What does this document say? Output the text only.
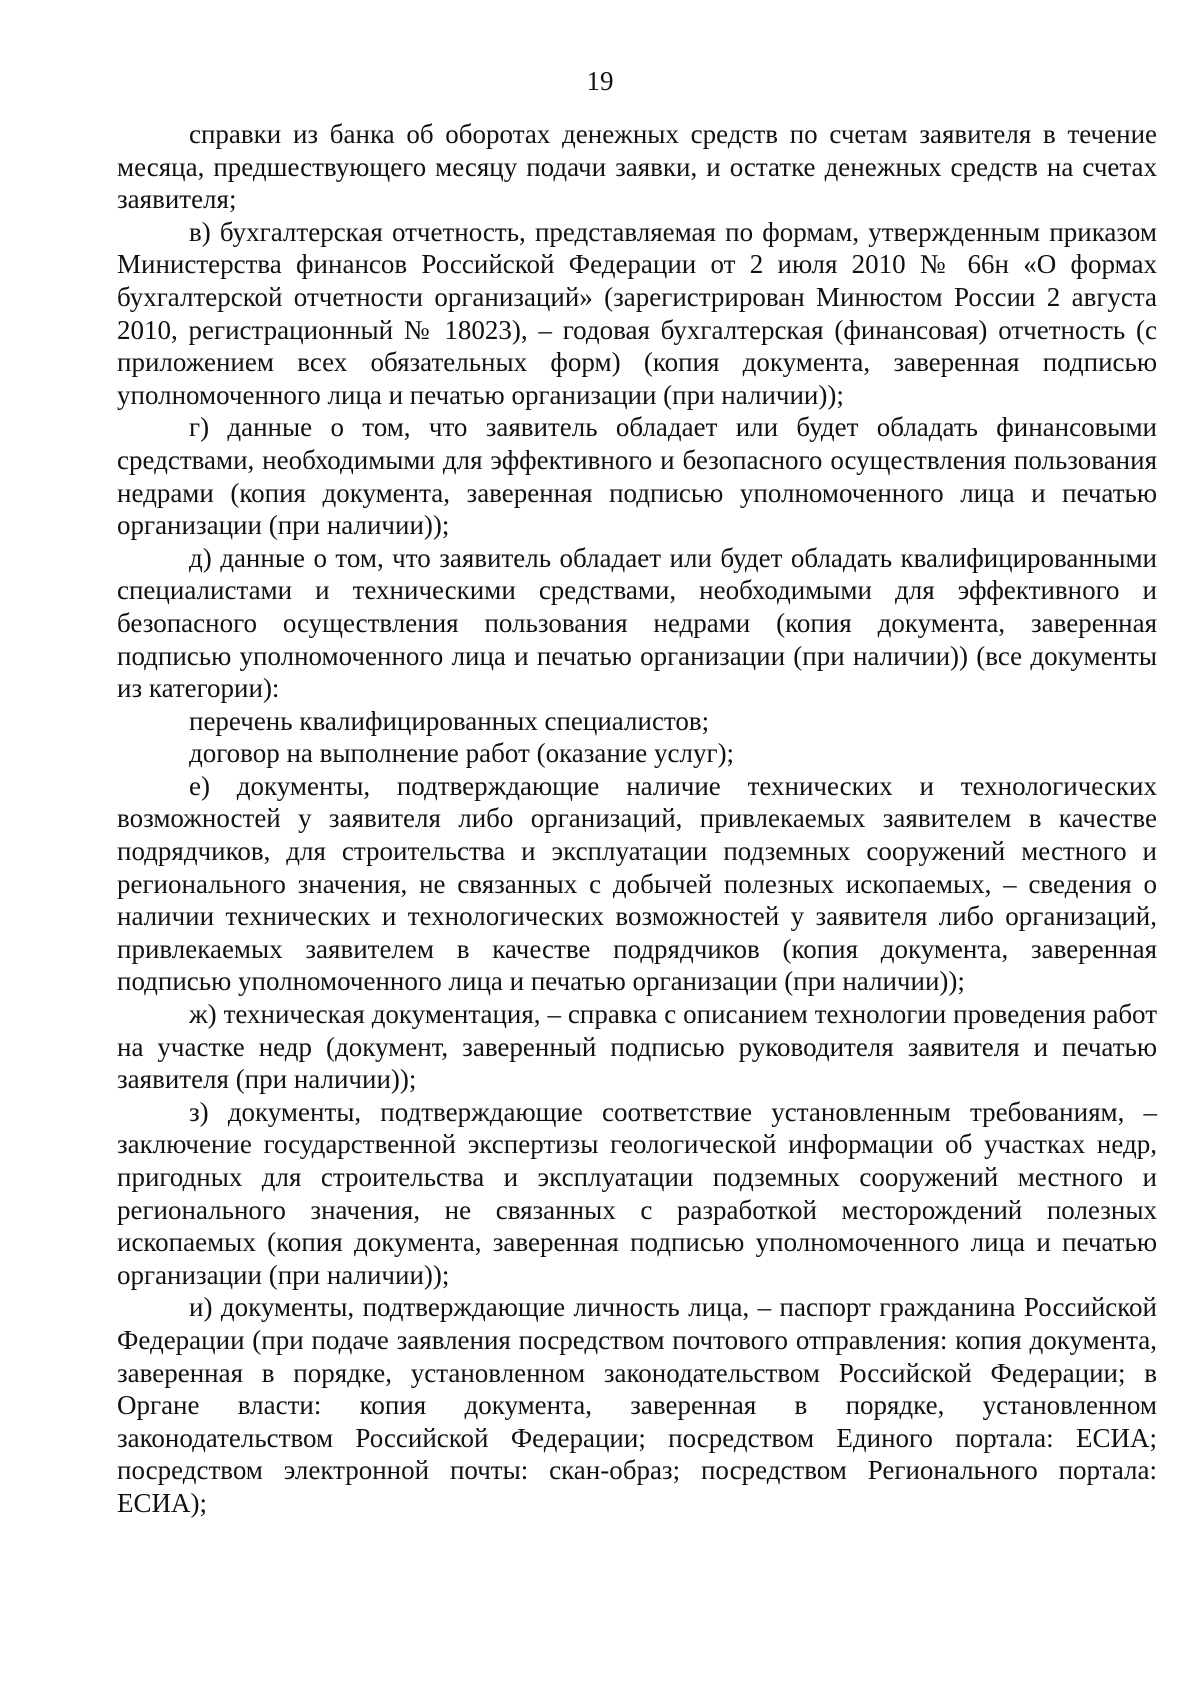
19

справки из банка об оборотах денежных средств по счетам заявителя в течение месяца, предшествующего месяцу подачи заявки, и остатке денежных средств на счетах заявителя;

в) бухгалтерская отчетность, представляемая по формам, утвержденным приказом Министерства финансов Российской Федерации от 2 июля 2010 № 66н «О формах бухгалтерской отчетности организаций» (зарегистрирован Минюстом России 2 августа 2010, регистрационный № 18023), – годовая бухгалтерская (финансовая) отчетность (с приложением всех обязательных форм) (копия документа, заверенная подписью уполномоченного лица и печатью организации (при наличии));

г) данные о том, что заявитель обладает или будет обладать финансовыми средствами, необходимыми для эффективного и безопасного осуществления пользования недрами (копия документа, заверенная подписью уполномоченного лица и печатью организации (при наличии));

д) данные о том, что заявитель обладает или будет обладать квалифицированными специалистами и техническими средствами, необходимыми для эффективного и безопасного осуществления пользования недрами (копия документа, заверенная подписью уполномоченного лица и печатью организации (при наличии)) (все документы из категории):

перечень квалифицированных специалистов;

договор на выполнение работ (оказание услуг);

е) документы, подтверждающие наличие технических и технологических возможностей у заявителя либо организаций, привлекаемых заявителем в качестве подрядчиков, для строительства и эксплуатации подземных сооружений местного и регионального значения, не связанных с добычей полезных ископаемых, – сведения о наличии технических и технологических возможностей у заявителя либо организаций, привлекаемых заявителем в качестве подрядчиков (копия документа, заверенная подписью уполномоченного лица и печатью организации (при наличии));

ж) техническая документация, – справка с описанием технологии проведения работ на участке недр (документ, заверенный подписью руководителя заявителя и печатью заявителя (при наличии));

з) документы, подтверждающие соответствие установленным требованиям, – заключение государственной экспертизы геологической информации об участках недр, пригодных для строительства и эксплуатации подземных сооружений местного и регионального значения, не связанных с разработкой месторождений полезных ископаемых (копия документа, заверенная подписью уполномоченного лица и печатью организации (при наличии));

и) документы, подтверждающие личность лица, – паспорт гражданина Российской Федерации (при подаче заявления посредством почтового отправления: копия документа, заверенная в порядке, установленном законодательством Российской Федерации; в Органе власти: копия документа, заверенная в порядке, установленном законодательством Российской Федерации; посредством Единого портала: ЕСИА; посредством электронной почты: скан-образ; посредством Регионального портала: ЕСИА);
